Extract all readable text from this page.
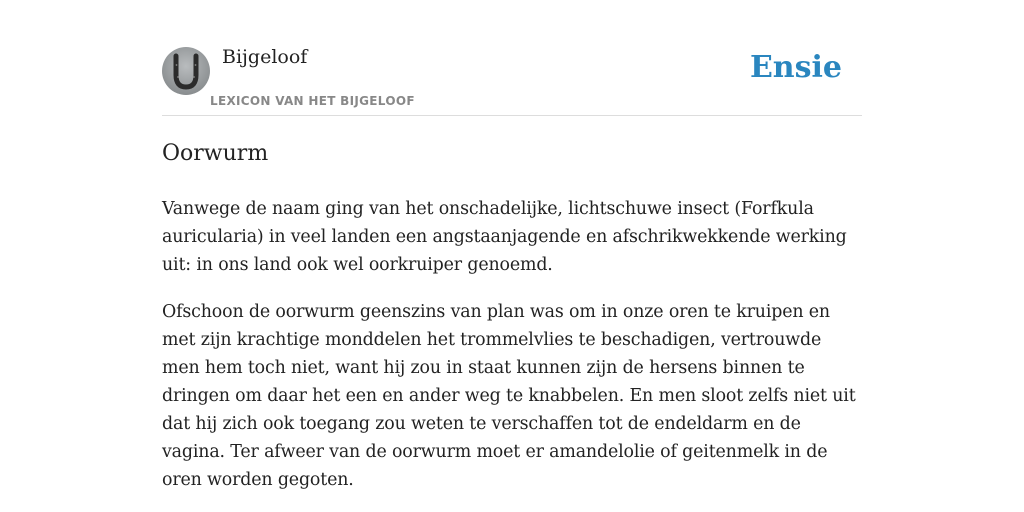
Bijgeloof
LEXICON VAN HET BIJGELOOF
Ensie
Oorwurm

Vanwege de naam ging van het onschadelijke, lichtschuwe insect (Forfkula auricularia) in veel landen een angstaanjagende en afschrikwekkende werking uit: in ons land ook wel oorkruiper genoemd.

Ofschoon de oorwurm geenszins van plan was om in onze oren te kruipen en met zijn krachtige monddelen het trommelvlies te beschadigen, vertrouwde men hem toch niet, want hij zou in staat kunnen zijn de hersens binnen te dringen om daar het een en ander weg te knabbelen. En men sloot zelfs niet uit dat hij zich ook toegang zou weten te verschaffen tot de endeldarm en de vagina. Ter afweer van de oorwurm moet er amandelolie of geitenmelk in de oren worden gegoten.
